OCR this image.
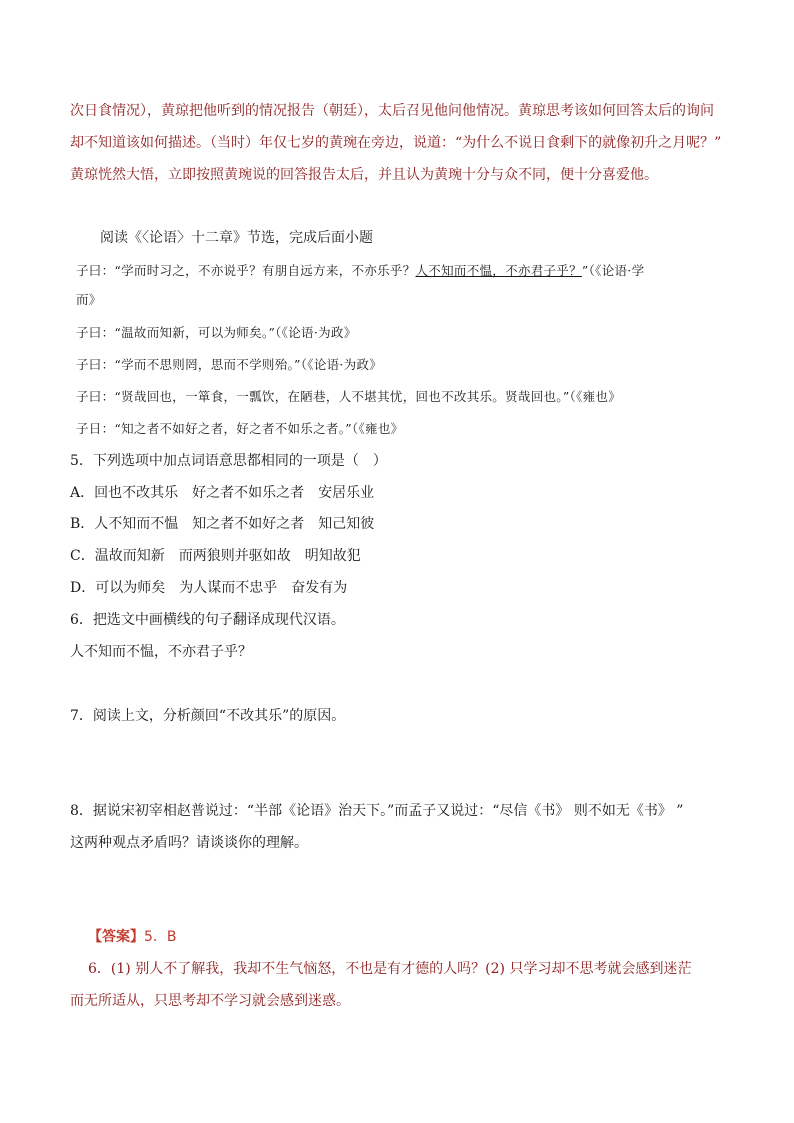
次日食情况），黄琼把他听到的情况报告（朝廷），太后召见他问他情况。黄琼思考该如何回答太后的询问
却不知道该如何描述。（当时）年仅七岁的黄琬在旁边，说道：“为什么不说日食剩下的就像初升之月呢？”
黄琼恍然大悟，立即按照黄琬说的回答报告太后，并且认为黄琬十分与众不同，便十分喜爱他。
阅读《〈论语〉十二章》节选，完成后面小题
子曰：“学而时习之，不亦说乎？有朋自远方来，不亦乐乎？人不知而不愠，不亦君子乎？”（《论语·学
而》
子曰：“温故而知新，可以为师矣。”（《论语·为政》
子曰：“学而不思则罔，思而不学则殆。”（《论语·为政》
子曰：“贤哉回也，一箪食，一瓢饮，在陋巷，人不堪其忧，回也不改其乐。贤哉回也。”（《雍也》
子日：“知之者不如好之者，好之者不如乐之者。”（《雍也》
5．下列选项中加点词语意思都相同的一项是（　）
A．回也不改其乐　好之者不如乐之者　安居乐业
B．人不知而不愠　知之者不如好之者　知己知彼
C．温故而知新　而两狼则并驱如故　明知故犯
D．可以为师矣　为人谋而不忠乎　奋发有为
6．把选文中画横线的句子翻译成现代汉语。
人不知而不愠，不亦君子乎？
7．阅读上文，分析颜回“不改其乐”的原因。
8．据说宋初宰相赵普说过：“半部《论语》治天下。”而孟子又说过：“尽信《书》 则不如无《书》 ”
这两种观点矛盾吗？请谈谈你的理解。
【答案】5．B
6．(1) 别人不了解我，我却不生气恼怒，不也是有才德的人吗？(2) 只学习却不思考就会感到迷茫
而无所适从，只思考却不学习就会感到迷惑。
